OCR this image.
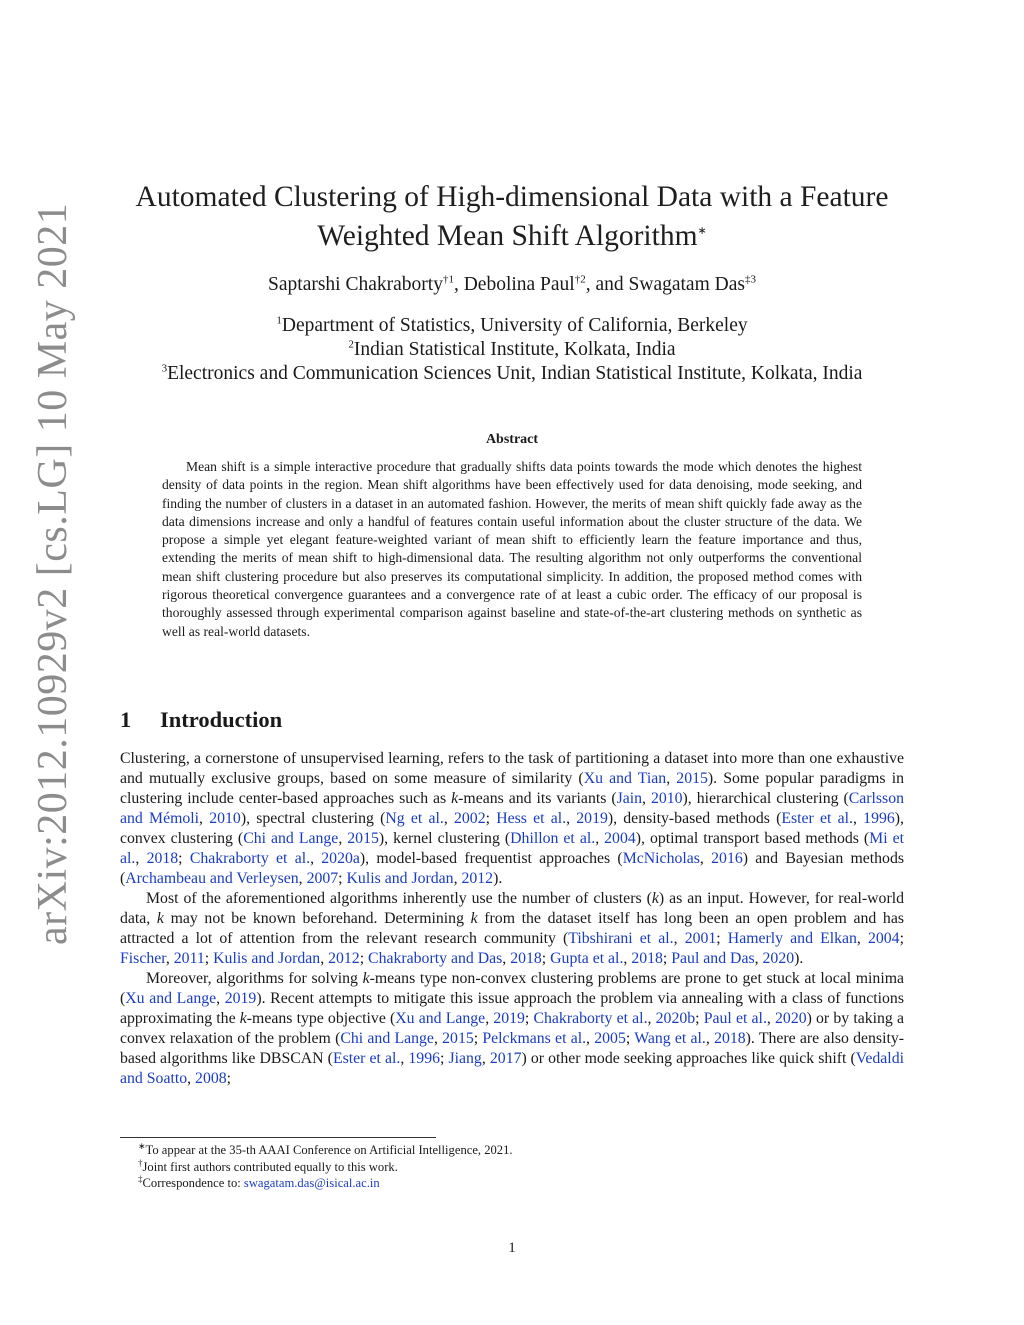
arXiv:2012.10929v2 [cs.LG] 10 May 2021
Automated Clustering of High-dimensional Data with a Feature
Weighted Mean Shift Algorithm∗
Saptarshi Chakraborty$^{\dagger 1}$, Debolina Paul$^{\dagger 2}$, and Swagatam Das$^{\ddagger 3}$
$^1$Department of Statistics, University of California, Berkeley
$^2$Indian Statistical Institute, Kolkata, India
$^3$Electronics and Communication Sciences Unit, Indian Statistical Institute, Kolkata, India
Abstract

Mean shift is a simple interactive procedure that gradually shifts data points towards the mode which denotes the highest density of data points in the region. Mean shift algorithms have been effectively used for data denoising, mode seeking, and finding the number of clusters in a dataset in an automated fashion. However, the merits of mean shift quickly fade away as the data dimensions increase and only a handful of features contain useful information about the cluster structure of the data. We propose a simple yet elegant feature-weighted variant of mean shift to efficiently learn the feature importance and thus, extending the merits of mean shift to high-dimensional data. The resulting algorithm not only outperforms the conventional mean shift clustering procedure but also preserves its computational simplicity. In addition, the proposed method comes with rigorous theoretical convergence guarantees and a convergence rate of at least a cubic order. The efficacy of our proposal is thoroughly assessed through experimental comparison against baseline and state-of-the-art clustering methods on synthetic as well as real-world datasets.

1 Introduction

Clustering, a cornerstone of unsupervised learning, refers to the task of partitioning a dataset into more than one exhaustive and mutually exclusive groups, based on some measure of similarity (Xu and Tian, 2015). Some popular paradigms in clustering include center-based approaches such as k-means and its variants (Jain, 2010), hierarchical clustering (Carlsson and Mémoli, 2010), spectral clustering (Ng et al., 2002; Hess et al., 2019), density-based methods (Ester et al., 1996), convex clustering (Chi and Lange, 2015), kernel clustering (Dhillon et al., 2004), optimal transport based methods (Mi et al., 2018; Chakraborty et al., 2020a), model-based frequentist approaches (McNicholas, 2016) and Bayesian methods (Archambeau and Verleysen, 2007; Kulis and Jordan, 2012).

Most of the aforementioned algorithms inherently use the number of clusters (k) as an input. However, for real-world data, k may not be known beforehand. Determining k from the dataset itself has long been an open problem and has attracted a lot of attention from the relevant research community (Tibshirani et al., 2001; Hamerly and Elkan, 2004; Fischer, 2011; Kulis and Jordan, 2012; Chakraborty and Das, 2018; Gupta et al., 2018; Paul and Das, 2020).

Moreover, algorithms for solving k-means type non-convex clustering problems are prone to get stuck at local minima (Xu and Lange, 2019). Recent attempts to mitigate this issue approach the problem via annealing with a class of functions approximating the k-means type objective (Xu and Lange, 2019; Chakraborty et al., 2020b; Paul et al., 2020) or by taking a convex relaxation of the problem (Chi and Lange, 2015; Pelckmans et al., 2005; Wang et al., 2018). There are also density-based algorithms like DBSCAN (Ester et al., 1996; Jiang, 2017) or other mode seeking approaches like quick shift (Vedaldi and Soatto, 2008;

∗To appear at the 35-th AAAI Conference on Artificial Intelligence, 2021.
†Joint first authors contributed equally to this work.
‡Correspondence to: swagatam.das@isical.ac.in
1
